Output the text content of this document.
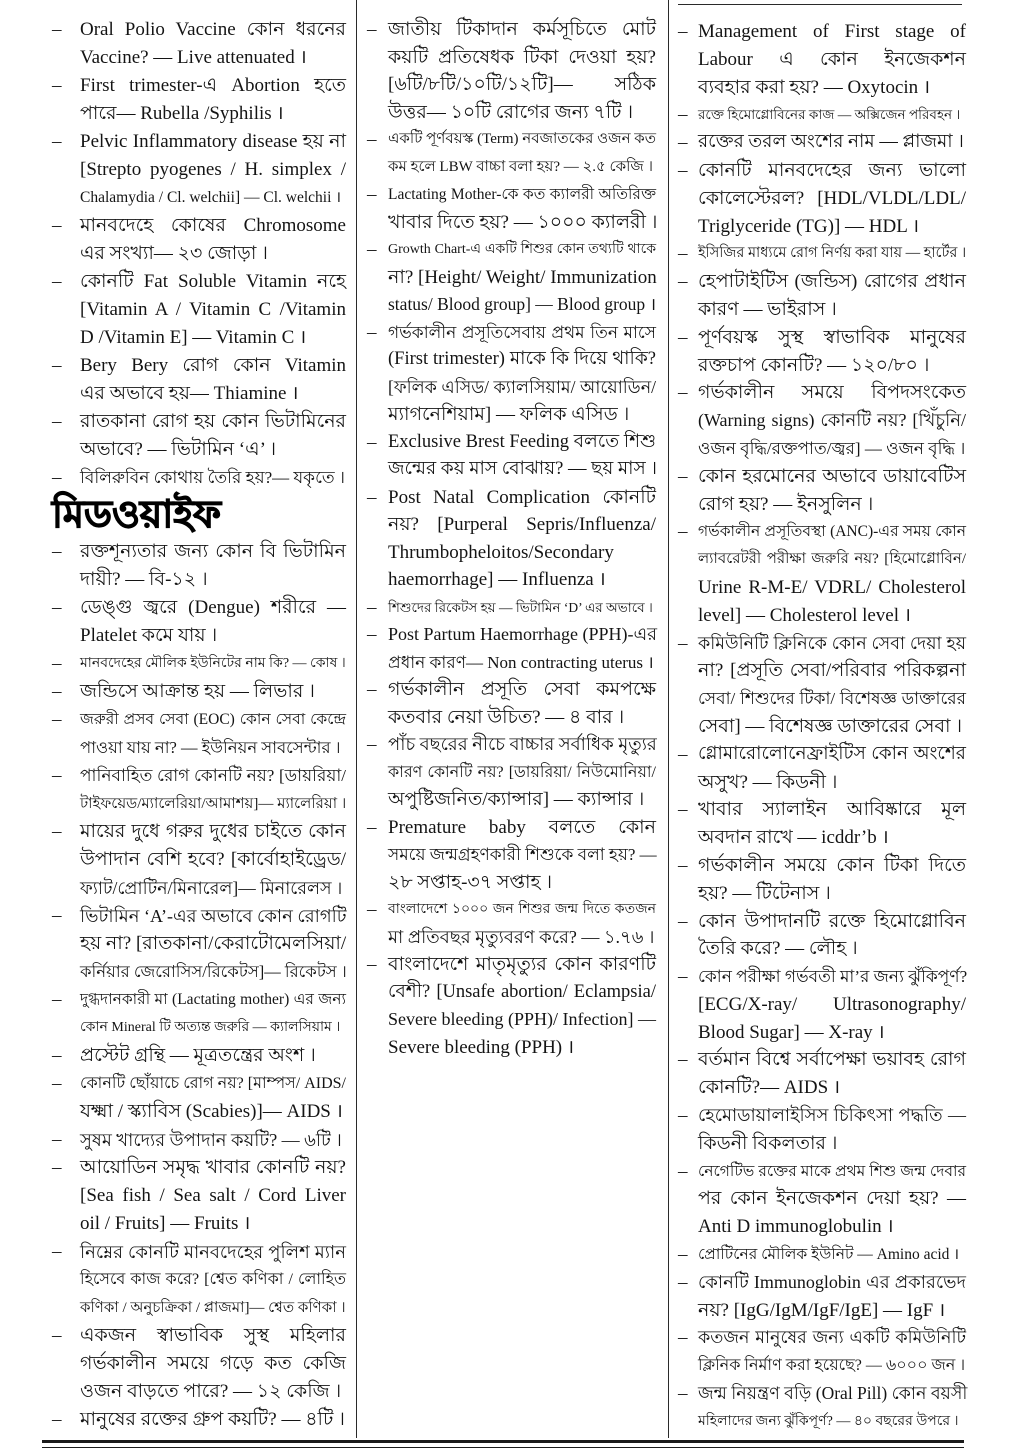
– Oral Polio Vaccine কোন ধরনের
Vaccine? — Live attenuated ।
– First trimester-এ Abortion হতে
পারে— Rubella /Syphilis ।
– Pelvic Inflammatory disease হয় না
[Strepto pyogenes / H. simplex /
Chalamydia / Cl. welchii] — Cl. welchii ।
– মানবদেহে কোষের Chromosome
এর সংখ্যা— ২৩ জোড়া ।
– কোনটি Fat Soluble Vitamin নহে
[Vitamin A / Vitamin C /Vitamin
D /Vitamin E] — Vitamin C ।
– Bery Bery রোগ কোন Vitamin
এর অভাবে হয়— Thiamine ।
– রাতকানা রোগ হয় কোন ভিটামিনের
অভাবে? — ভিটামিন ‘এ’ ।
– বিলিরুবিন কোথায় তৈরি হয়?— যকৃতে ।
মিডওয়াইফ
– রক্তশূন্যতার জন্য কোন বি ভিটামিন
দায়ী? — বি-১২ ।
– ডেঙ্গু জ্বরে (Dengue) শরীরে —
Platelet কমে যায় ।
– মানবদেহের মৌলিক ইউনিটের নাম কি? — কোষ ।
– জন্ডিসে আক্রান্ত হয় — লিভার ।
– জরুরী প্রসব সেবা (EOC) কোন সেবা কেন্দ্রে
পাওয়া যায় না? — ইউনিয়ন সাবসেন্টার ।
– পানিবাহিত রোগ কোনটি নয়? [ডায়রিয়া/
টাইফয়েড/ম্যালেরিয়া/আমাশয়]— ম্যালেরিয়া ।
– মায়ের দুধে গরুর দুধের চাইতে কোন
উপাদান বেশি হবে? [কার্বোহাইড্রেড/
ফ্যাট/প্রোটিন/মিনারেল]— মিনারেলস ।
– ভিটামিন ‘A’-এর অভাবে কোন রোগটি
হয় না? [রাতকানা/কেরাটোমেলসিয়া/
কর্নিয়ার জেরোসিস/রিকেটস]— রিকেটস ।
– দুগ্ধদানকারী মা (Lactating mother) এর জন্য
কোন Mineral টি অত্যন্ত জরুরি — ক্যালসিয়াম ।
– প্রস্টেট গ্রন্থি — মূত্রতন্ত্রের অংশ ।
– কোনটি ছোঁয়াচে রোগ নয়? [মাম্পস/ AIDS/
যক্ষ্মা / স্ক্যাবিস (Scabies)]— AIDS ।
– সুষম খাদ্যের উপাদান কয়টি? — ৬টি ।
– আয়োডিন সমৃদ্ধ খাবার কোনটি নয়?
[Sea fish / Sea salt / Cord Liver
oil / Fruits] — Fruits ।
– নিম্নের কোনটি মানবদেহের পুলিশ ম্যান
হিসেবে কাজ করে? [শ্বেত কণিকা / লোহিত
কণিকা / অনুচক্রিকা / প্লাজমা]— শ্বেত কণিকা ।
– একজন স্বাভাবিক সুস্থ মহিলার
গর্ভকালীন সময়ে গড়ে কত কেজি
ওজন বাড়তে পারে? — ১২ কেজি ।
– মানুষের রক্তের গ্রুপ কয়টি? — ৪টি ।
– জাতীয় টিকাদান কর্মসূচিতে মোট
কয়টি প্রতিষেধক টিকা দেওয়া হয়?
[৬টি/৮টি/১০টি/১২টি]— সঠিক
উত্তর— ১০টি রোগের জন্য ৭টি ।
– একটি পূর্ণবয়স্ক (Term) নবজাতকের ওজন কত
কম হলে LBW বাচ্চা বলা হয়? — ২.৫ কেজি ।
– Lactating Mother-কে কত ক্যালরী অতিরিক্ত
খাবার দিতে হয়? — ১০০০ ক্যালরী ।
– Growth Chart-এ একটি শিশুর কোন তথ্যটি থাকে
না? [Height/ Weight/ Immunization
status/ Blood group] — Blood group ।
– গর্ভকালীন প্রসূতিসেবায় প্রথম তিন মাসে
(First trimester) মাকে কি দিয়ে থাকি?
[ফলিক এসিড/ ক্যালসিয়াম/ আয়োডিন/
ম্যাগনেশিয়াম] — ফলিক এসিড ।
– Exclusive Brest Feeding বলতে শিশু
জন্মের কয় মাস বোঝায়? — ছয় মাস ।
– Post Natal Complication কোনটি
নয়? [Purperal Sepris/Influenza/
Thrumbopheloitos/Secondary
haemorrhage] — Influenza ।
– শিশুদের রিকেটস হয় — ভিটামিন ‘D’ এর অভাবে ।
– Post Partum Haemorrhage (PPH)-এর
প্রধান কারণ— Non contracting uterus ।
– গর্ভকালীন প্রসূতি সেবা কমপক্ষে
কতবার নেয়া উচিত? — ৪ বার ।
– পাঁচ বছরের নীচে বাচ্চার সর্বাধিক মৃত্যুর
কারণ কোনটি নয়? [ডায়রিয়া/ নিউমোনিয়া/
অপুষ্টিজনিত/ক্যান্সার] — ক্যান্সার ।
– Premature baby বলতে কোন
সময়ে জন্মগ্রহণকারী শিশুকে বলা হয়? —
২৮ সপ্তাহ-৩৭ সপ্তাহ ।
– বাংলাদেশে ১০০০ জন শিশুর জন্ম দিতে কতজন
মা প্রতিবছর মৃত্যুবরণ করে? — ১.৭৬ ।
– বাংলাদেশে মাতৃমৃত্যুর কোন কারণটি
বেশী? [Unsafe abortion/ Eclampsia/
Severe bleeding (PPH)/ Infection] —
Severe bleeding (PPH) ।
– Management of First stage of
Labour এ কোন ইনজেকশন
ব্যবহার করা হয়? — Oxytocin ।
– রক্তে হিমোগ্লোবিনের কাজ — অক্সিজেন পরিবহন ।
– রক্তের তরল অংশের নাম — প্লাজমা ।
– কোনটি মানবদেহের জন্য ভালো
কোলেস্টেরল? [HDL/VLDL/LDL/
Triglyceride (TG)] — HDL ।
– ইসিজির মাধ্যমে রোগ নির্ণয় করা যায় — হার্টের ।
– হেপাটাইটিস (জন্ডিস) রোগের প্রধান
কারণ — ভাইরাস ।
– পূর্ণবয়স্ক সুস্থ স্বাভাবিক মানুষের
রক্তচাপ কোনটি? — ১২০/৮০ ।
– গর্ভকালীন সময়ে বিপদসংকেত
(Warning signs) কোনটি নয়? [খিঁচুনি/
ওজন বৃদ্ধি/রক্তপাত/জ্বর] — ওজন বৃদ্ধি ।
– কোন হরমোনের অভাবে ডায়াবেটিস
রোগ হয়? — ইনসুলিন ।
– গর্ভকালীন প্রসূতিবস্থা (ANC)-এর সময় কোন
ল্যাবরেটরী পরীক্ষা জরুরি নয়? [হিমোগ্লোবিন/
Urine R-M-E/ VDRL/ Cholesterol
level] — Cholesterol level ।
– কমিউনিটি ক্লিনিকে কোন সেবা দেয়া হয়
না? [প্রসূতি সেবা/পরিবার পরিকল্পনা
সেবা/ শিশুদের টিকা/ বিশেষজ্ঞ ডাক্তারের
সেবা] — বিশেষজ্ঞ ডাক্তারের সেবা ।
– গ্লোমারোলোনেফ্রাইটিস কোন অংশের
অসুখ? — কিডনী ।
– খাবার স্যালাইন আবিষ্কারে মূল
অবদান রাখে — icddr’b ।
– গর্ভকালীন সময়ে কোন টিকা দিতে
হয়? — টিটেনাস ।
– কোন উপাদানটি রক্তে হিমোগ্লোবিন
তৈরি করে? — লৌহ ।
– কোন পরীক্ষা গর্ভবতী মা’র জন্য ঝুঁকিপূর্ণ?
[ECG/X-ray/ Ultrasonography/
Blood Sugar] — X-ray ।
– বর্তমান বিশ্বে সর্বাপেক্ষা ভয়াবহ রোগ
কোনটি?— AIDS ।
– হেমোডায়ালাইসিস চিকিৎসা পদ্ধতি —
কিডনী বিকলতার ।
– নেগেটিভ রক্তের মাকে প্রথম শিশু জন্ম দেবার
পর কোন ইনজেকশন দেয়া হয়? —
Anti D immunoglobulin ।
– প্রোটিনের মৌলিক ইউনিট — Amino acid ।
– কোনটি Immunoglobin এর প্রকারভেদ
নয়? [IgG/IgM/IgF/IgE] — IgF ।
– কতজন মানুষের জন্য একটি কমিউনিটি
ক্লিনিক নির্মাণ করা হয়েছে? — ৬০০০ জন ।
– জন্ম নিয়ন্ত্রণ বড়ি (Oral Pill) কোন বয়সী
মহিলাদের জন্য ঝুঁকিপূর্ণ? — ৪০ বছরের উপরে ।
